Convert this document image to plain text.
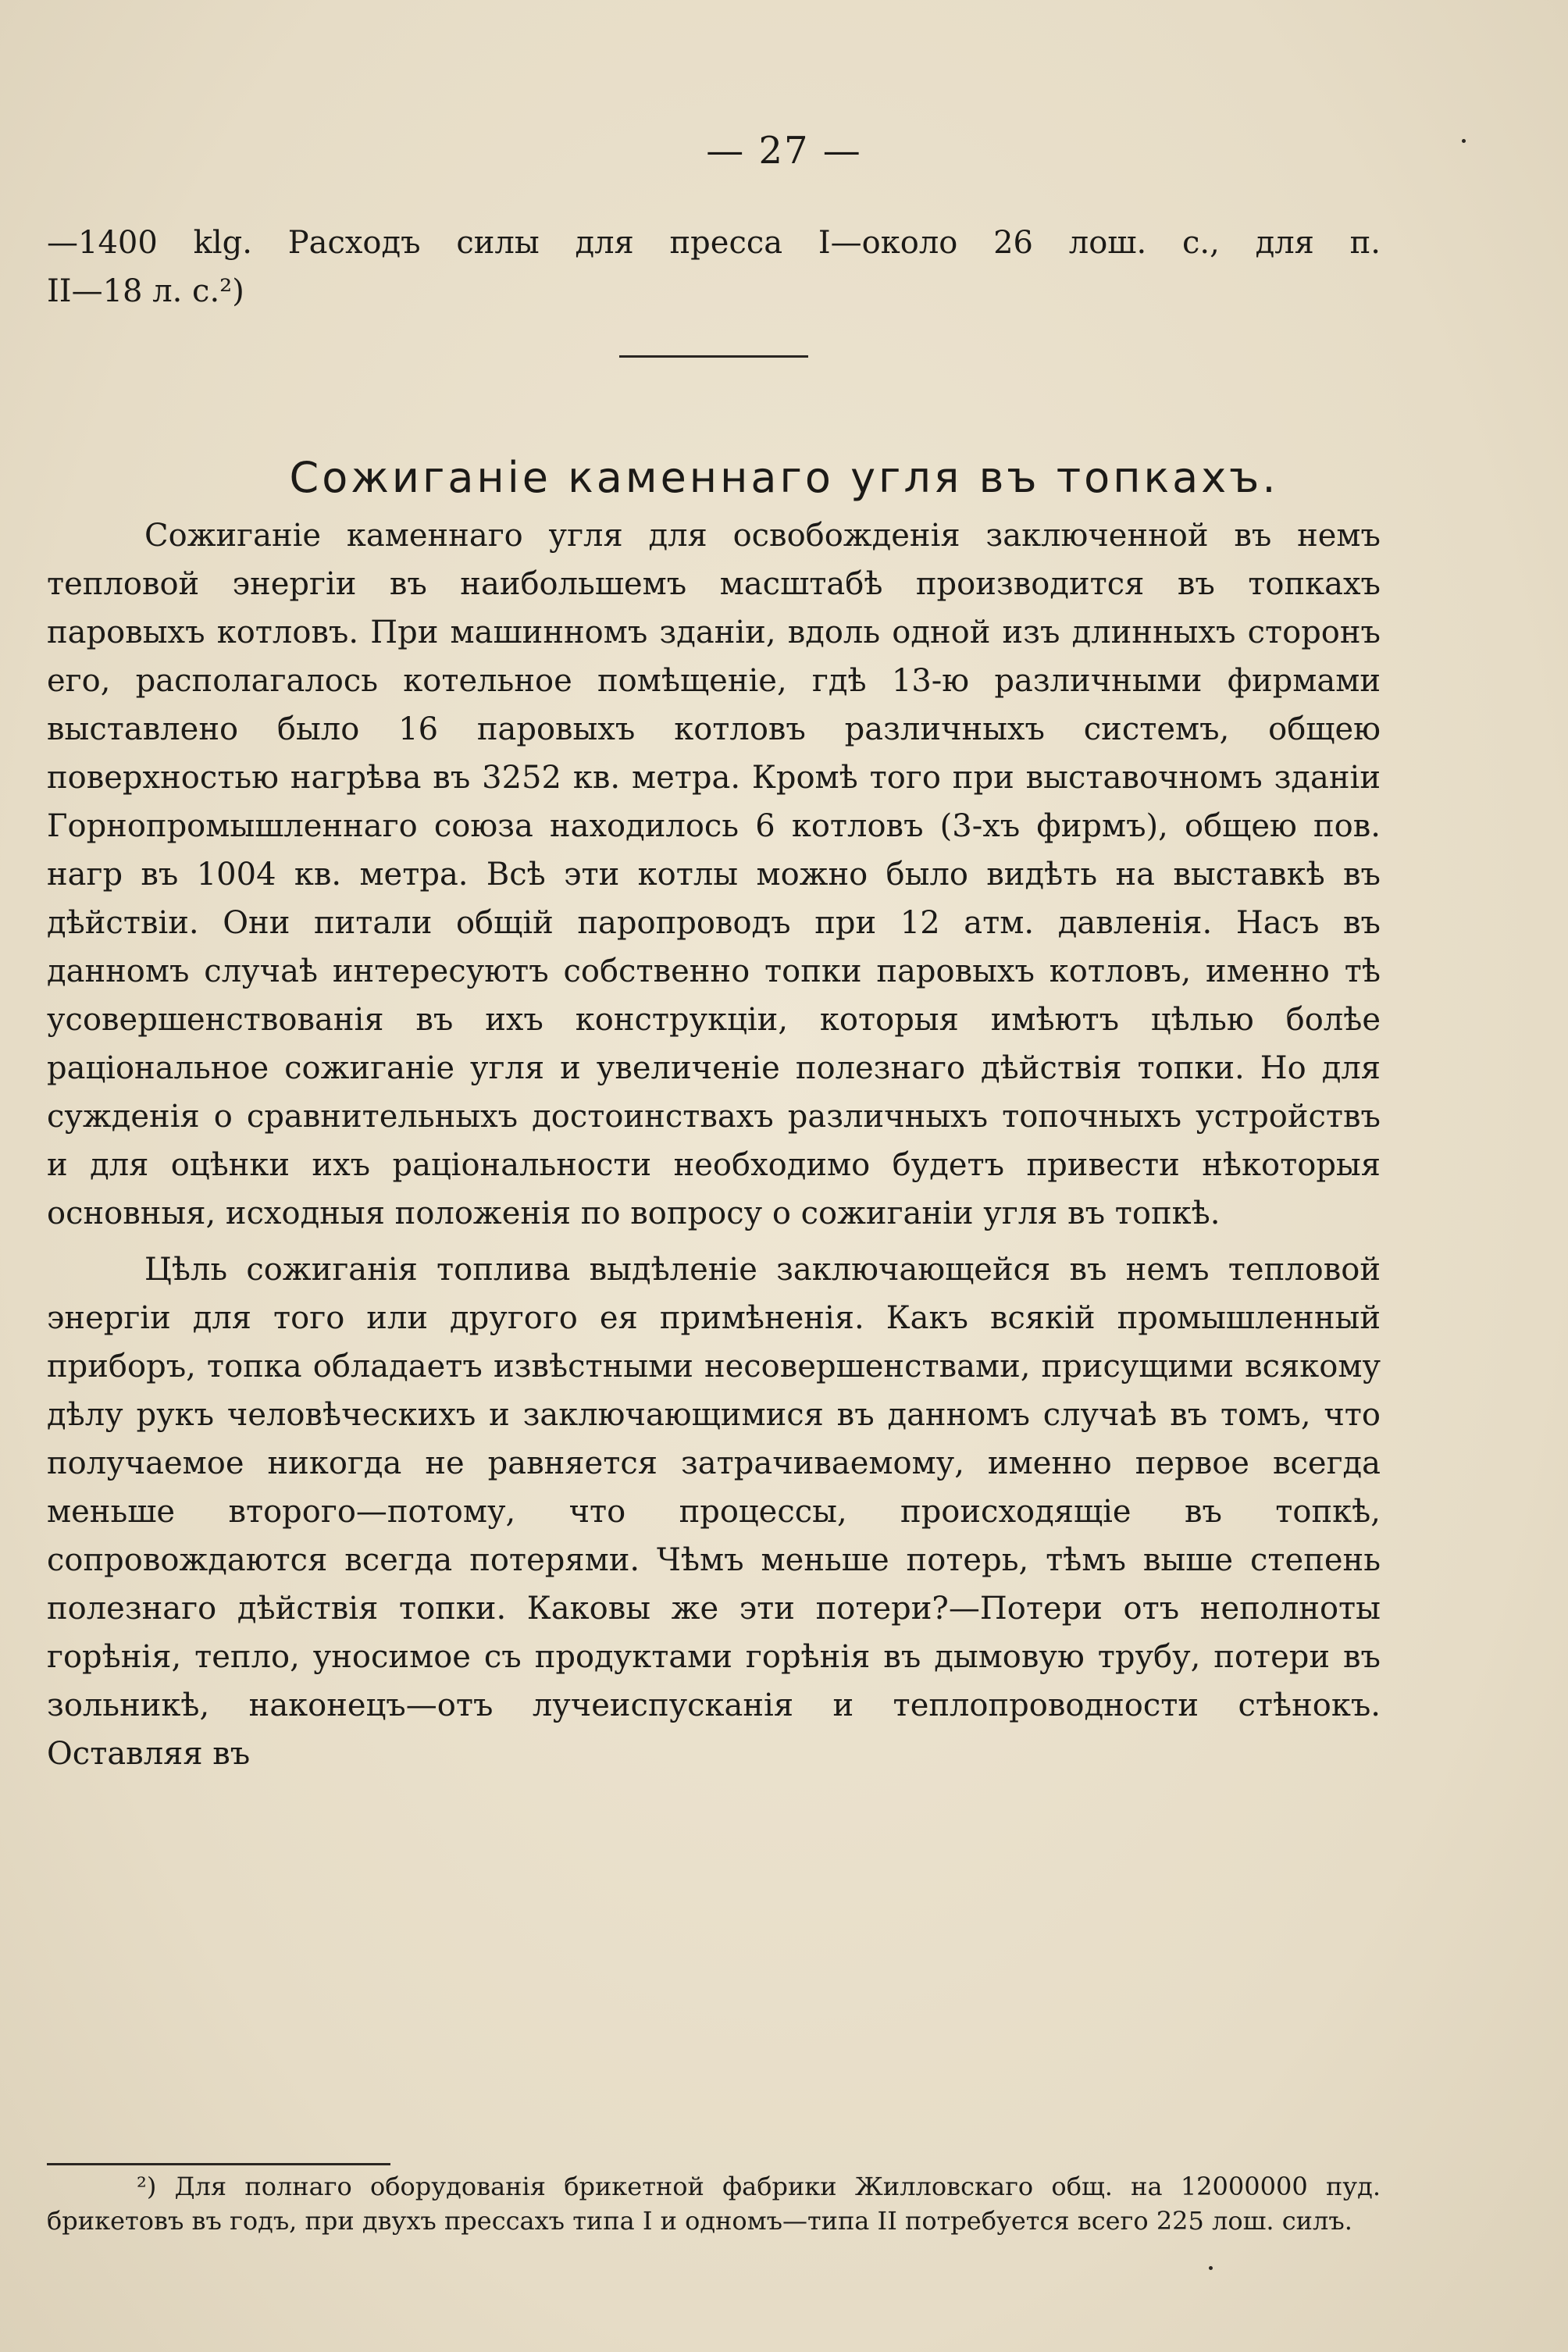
— 27 —
—1400 klg. Расходъ силы для пресса I—около 26 лош. с., для п.
II—18 л. с.²)
Сожиганіе каменнаго угля въ топкахъ.

Сожиганіе каменнаго угля для освобожденія заключенной въ немъ тепловой энергіи въ наибольшемъ масштабѣ производится въ топкахъ паровыхъ котловъ. При машинномъ зданіи, вдоль одной изъ длинныхъ сторонъ его, располагалось котельное помѣщеніе, гдѣ 13-ю различными фирмами выставлено было 16 паровыхъ котловъ различныхъ системъ, общею поверхностью нагрѣва въ 3252 кв. метра. Кромѣ того при выставочномъ зданіи Горнопромышленнаго союза находилось 6 котловъ (3-хъ фирмъ), общею пов. нагр въ 1004 кв. метра. Всѣ эти котлы можно было видѣть на выставкѣ въ дѣйствіи. Они питали общій паропроводъ при 12 атм. давленія. Насъ въ данномъ случаѣ интересуютъ собственно топки паровыхъ котловъ, именно тѣ усовершенствованія въ ихъ конструкціи, которыя имѣютъ цѣлью болѣе раціональное сожиганіе угля и увеличеніе полезнаго дѣйствія топки. Но для сужденія о сравнительныхъ достоинствахъ различныхъ топочныхъ устройствъ и для оцѣнки ихъ раціональности необходимо будетъ привести нѣкоторыя основныя, исходныя положенія по вопросу о сожиганіи угля въ топкѣ.

Цѣль сожиганія топлива выдѣленіе заключающейся въ немъ тепловой энергіи для того или другого ея примѣненія. Какъ всякій промышленный приборъ, топка обладаетъ извѣстными несовершенствами, присущими всякому дѣлу рукъ человѣческихъ и заключающимися въ данномъ случаѣ въ томъ, что получаемое никогда не равняется затрачиваемому, именно первое всегда меньше второго—потому, что процессы, происходящіе въ топкѣ, сопровождаются всегда потерями. Чѣмъ меньше потерь, тѣмъ выше степень полезнаго дѣйствія топки. Каковы же эти потери?—Потери отъ неполноты горѣнія, тепло, уносимое съ продуктами горѣнія въ дымовую трубу, потери въ зольникѣ, наконецъ—отъ лучеиспусканія и теплопроводности стѣнокъ. Оставляя въ

²) Для полнаго оборудованія брикетной фабрики Жилловскаго общ. на 12000000 пуд. брикетовъ въ годъ, при двухъ прессахъ типа I и одномъ—типа II потребуется всего 225 лош. силъ.
